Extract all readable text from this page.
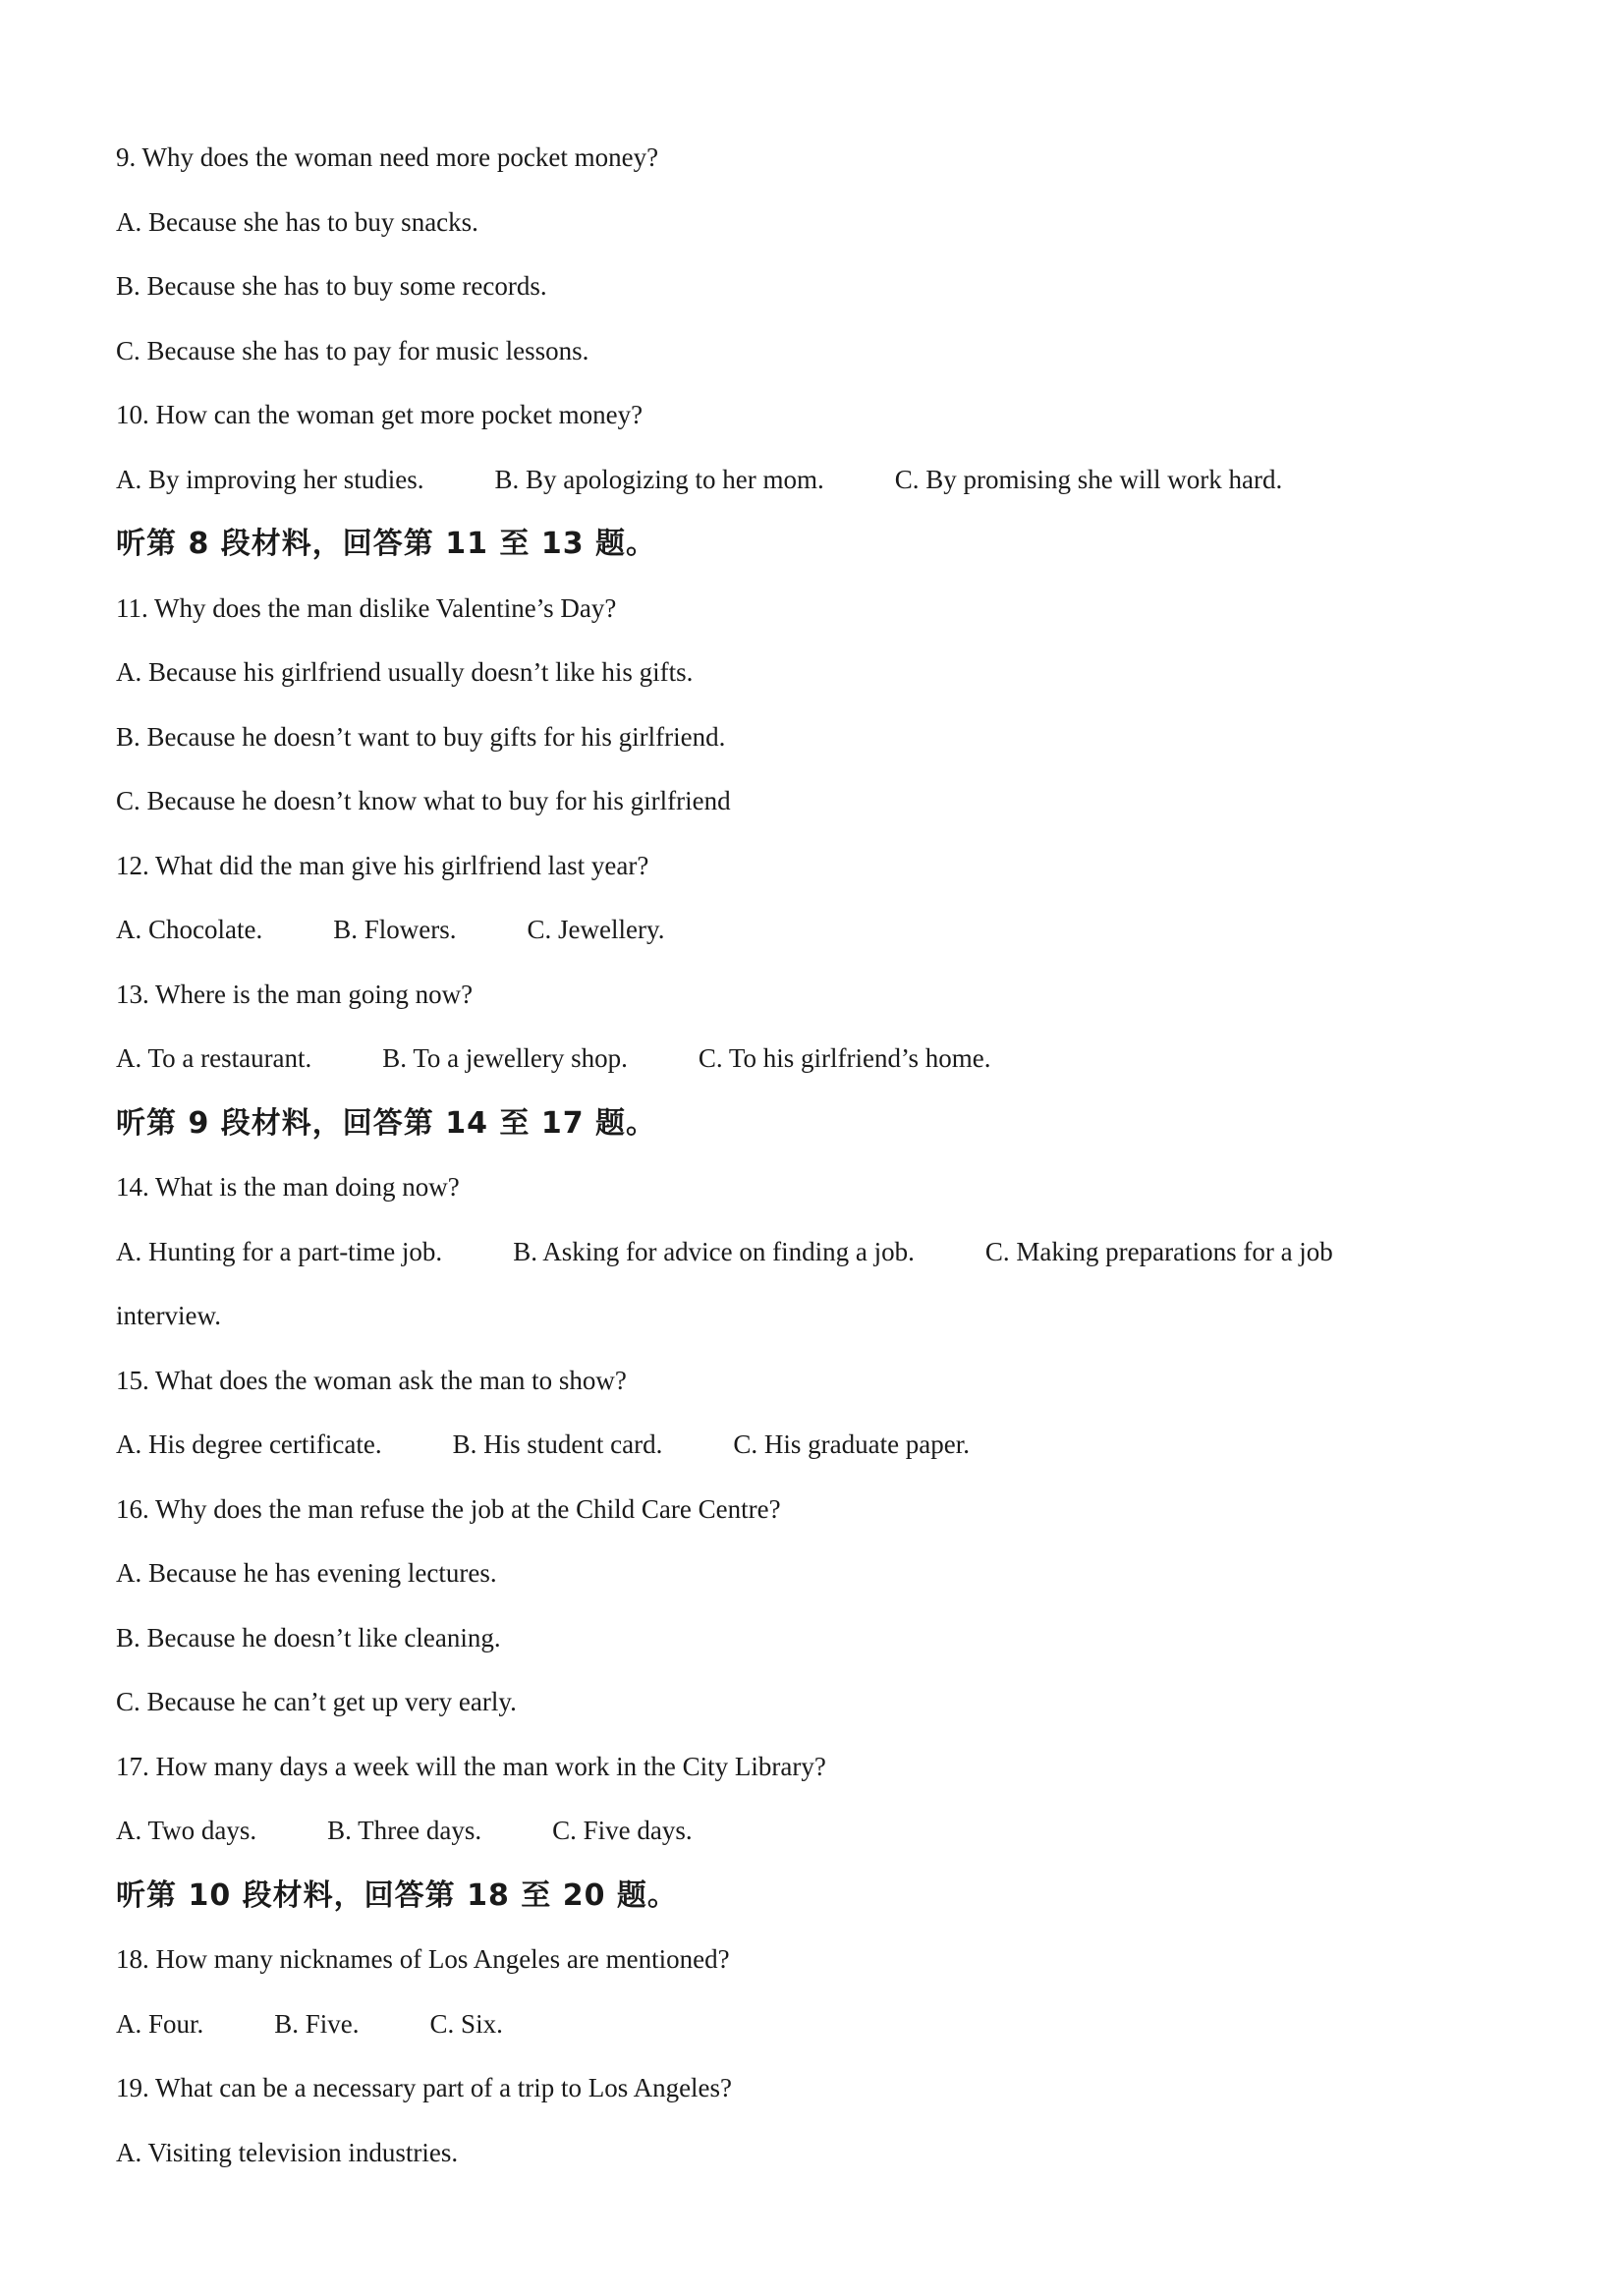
9. Why does the woman need more pocket money?
A. Because she has to buy snacks.
B. Because she has to buy some records.
C. Because she has to pay for music lessons.
10. How can the woman get more pocket money?
A. By improving her studies.	B. By apologizing to her mom.	C. By promising she will work hard.
听第 8 段材料，回答第 11 至 13 题。
11. Why does the man dislike Valentine’s Day?
A. Because his girlfriend usually doesn’t like his gifts.
B. Because he doesn’t want to buy gifts for his girlfriend.
C. Because he doesn’t know what to buy for his girlfriend
12. What did the man give his girlfriend last year?
A. Chocolate.	B. Flowers.	C. Jewellery.
13. Where is the man going now?
A. To a restaurant.	B. To a jewellery shop.	C. To his girlfriend’s home.
听第 9 段材料，回答第 14 至 17 题。
14. What is the man doing now?
A. Hunting for a part-time job.	B. Asking for advice on finding a job.	C. Making preparations for a job
interview.
15. What does the woman ask the man to show?
A. His degree certificate.	B. His student card.	C. His graduate paper.
16. Why does the man refuse the job at the Child Care Centre?
A. Because he has evening lectures.
B. Because he doesn’t like cleaning.
C. Because he can’t get up very early.
17. How many days a week will the man work in the City Library?
A. Two days.	B. Three days.	C. Five days.
听第 10 段材料，回答第 18 至 20 题。
18. How many nicknames of Los Angeles are mentioned?
A. Four.	B. Five.	C. Six.
19. What can be a necessary part of a trip to Los Angeles?
A. Visiting television industries.
